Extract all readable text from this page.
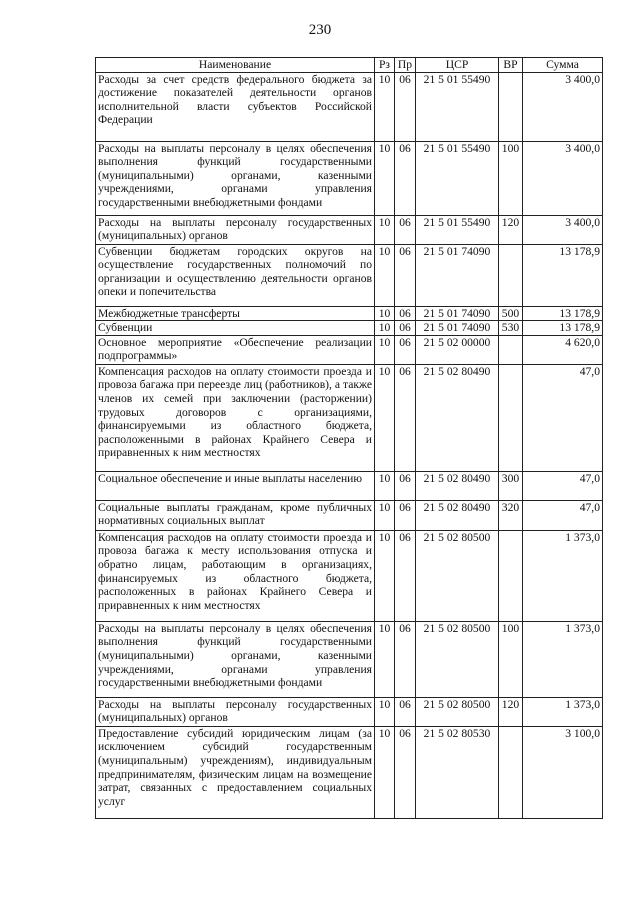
230
Наименование	Рз	Пр	ЦСР	ВР	Сумма
Расходы за счет средств федерального бюджета за достижение показателей деятельности органов исполнительной власти субъектов Российской Федерации	10	06	21 5 01 55490		3 400,0
Расходы на выплаты персоналу в целях обеспечения выполнения функций государственными (муниципальными) органами, казенными учреждениями, органами управления государственными внебюджетными фондами	10	06	21 5 01 55490	100	3 400,0
Расходы на выплаты персоналу государственных (муниципальных) органов	10	06	21 5 01 55490	120	3 400,0
Субвенции бюджетам городских округов на осуществление государственных полномочий по организации и осуществлению деятельности органов опеки и попечительства	10	06	21 5 01 74090		13 178,9
Межбюджетные трансферты	10	06	21 5 01 74090	500	13 178,9
Субвенции	10	06	21 5 01 74090	530	13 178,9
Основное мероприятие «Обеспечение реализации подпрограммы»	10	06	21 5 02 00000		4 620,0
Компенсация расходов на оплату стоимости проезда и провоза багажа при переезде лиц (работников), а также членов их семей при заключении (расторжении) трудовых договоров с организациями, финансируемыми из областного бюджета, расположенными в районах Крайнего Севера и приравненных к ним местностях	10	06	21 5 02 80490		47,0
Социальное обеспечение и иные выплаты населению	10	06	21 5 02 80490	300	47,0
Социальные выплаты гражданам, кроме публичных нормативных социальных выплат	10	06	21 5 02 80490	320	47,0
Компенсация расходов на оплату стоимости проезда и провоза багажа к месту использования отпуска и обратно лицам, работающим в организациях, финансируемых из областного бюджета, расположенных в районах Крайнего Севера и приравненных к ним местностях	10	06	21 5 02 80500		1 373,0
Расходы на выплаты персоналу в целях обеспечения выполнения функций государственными (муниципальными) органами, казенными учреждениями, органами управления государственными внебюджетными фондами	10	06	21 5 02 80500	100	1 373,0
Расходы на выплаты персоналу государственных (муниципальных) органов	10	06	21 5 02 80500	120	1 373,0
Предоставление субсидий юридическим лицам (за исключением субсидий государственным (муниципальным) учреждениям), индивидуальным предпринимателям, физическим лицам на возмещение затрат, связанных с предоставлением социальных услуг	10	06	21 5 02 80530		3 100,0
